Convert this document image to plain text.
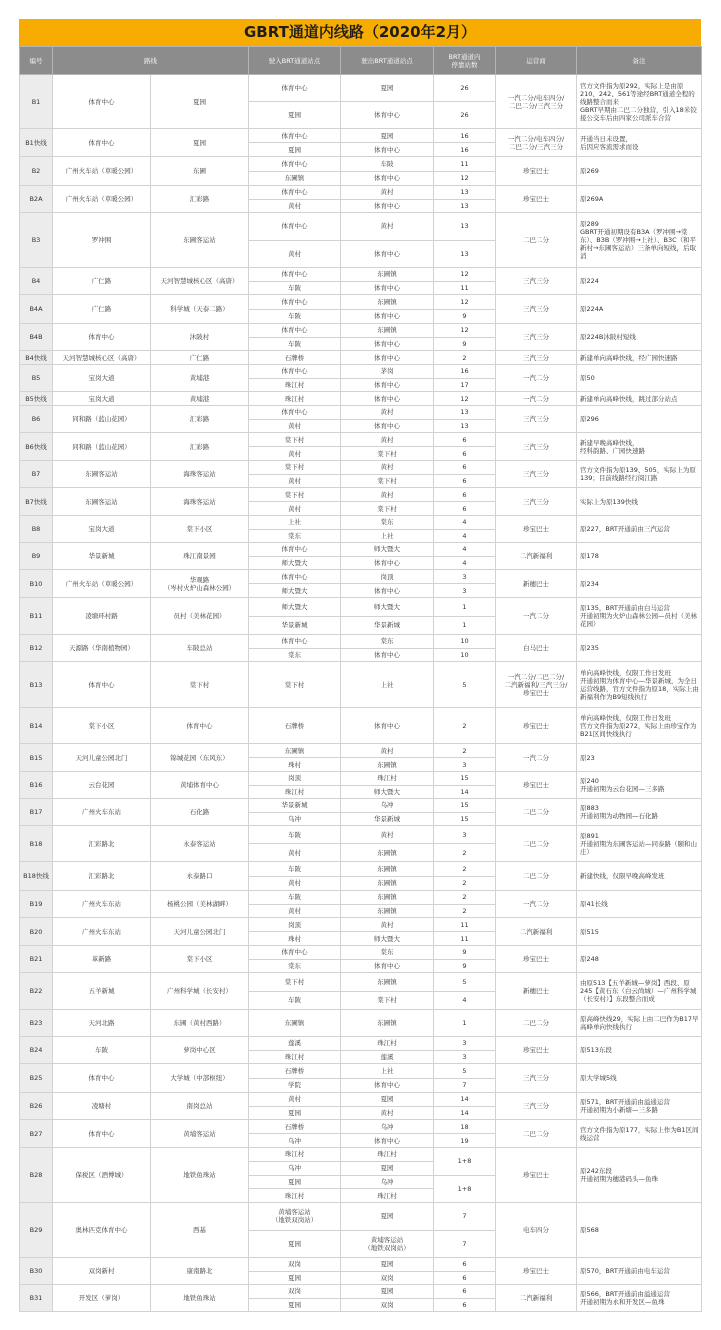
GBRT通道内线路（2020年2月）
编号	路线		驶入BRT通道站点	驶出BRT通道站点	BRT通道内
停靠站数	运营商	备注
B1	体育中心	夏园	体育中心	夏园	26	一汽二分/电车四分/
二巴二分/三汽三分	官方文件指为原292，实际上是由原210、242、561等途经BRT通道全程的线路整合而来
GBRT早期由二巴二分独营，引入18米铰接公交车后由四家公司派车合营
			夏园	体育中心	26		
B1快线	体育中心	夏园	体育中心	夏园	16	一汽二分/电车四分/
二巴二分/三汽三分	开通当日未设置，
后因应客流需求而设
			夏园	体育中心	16		
B2	广州火车站（草暖公园）	东圃	体育中心	车陂	11	珍宝巴士	原269
			东圃镇	体育中心	12		
B2A	广州火车站（草暖公园）	汇彩路	体育中心	黄村	13	珍宝巴士	原269A
			黄村	体育中心	13		
B3	罗冲围	东圃客运站	体育中心	黄村	13	二巴二分	原289
GBRT开通初期设有B3A（罗冲围→棠东）、B3B（罗冲围→上社）、B3C（和平新村→东圃客运站）三条单向短线，后取消
			黄村	体育中心	13		
B4	广仁路	天河智慧城核心区（高唐）	体育中心	东圃镇	12	三汽三分	原224
			车陂	体育中心	11		
B4A	广仁路	科学城（天泰二路）	体育中心	东圃镇	12	三汽三分	原224A
			车陂	体育中心	9		
B4B	体育中心	沐陂村	体育中心	东圃镇	12	三汽三分	原224B沐陂村短线
			车陂	体育中心	9		
B4快线	天河智慧城核心区（高唐）	广仁路	石牌桥	体育中心	2	三汽三分	新建单向高峰快线，经广园快速路
B5	宝岗大道	黄埔港	体育中心	茅岗	16	一汽二分	原50
			珠江村	体育中心	17		
B5快线	宝岗大道	黄埔港	珠江村	体育中心	12	一汽二分	新建单向高峰快线，跳过部分站点
B6	同和路（蓝山花园）	汇彩路	体育中心	黄村	13	三汽三分	原296
			黄村	体育中心	13		
B6快线	同和路（蓝山花园）	汇彩路	棠下村	黄村	6	三汽三分	新建早晚高峰快线，
经科韵路、广园快速路
			黄村	棠下村	6		
B7	东圃客运站	海珠客运站	棠下村	黄村	6	三汽三分	官方文件指为原139、505，实际上为原139；目前线路经行阅江路
			黄村	棠下村	6		
B7快线	东圃客运站	海珠客运站	棠下村	黄村	6	三汽三分	实际上为原139快线
			黄村	棠下村	6		
B8	宝岗大道	棠下小区	上社	棠东	4	珍宝巴士	原227，BRT开通前由三汽运营
			棠东	上社	4		
B9	华景新城	珠江南景园	体育中心	师大暨大	4	二汽新福利	原178
			师大暨大	体育中心	4		
B10	广州火车站（草暖公园）	华观路
（岑村火炉山森林公园）	体育中心	岗顶	3	新穗巴士	原234
			师大暨大	体育中心	3		
B11	凌塘环村路	员村（美林花园）	师大暨大	师大暨大	1	一汽二分	原135，BRT开通前由白马运营
开通初期为火炉山森林公园—员村（美林花园）
			华景新城	华景新城	1		
B12	天源路（华南植物园）	车陂总站	体育中心	棠东	10	白马巴士	原235
			棠东	体育中心	10		
B13	体育中心	棠下村	棠下村	上社	5	一汽二分/二巴二分/
二汽新福利/三汽三分/
珍宝巴士	单向高峰快线，仅限工作日发班
开通初期为体育中心—华景新城，为全日运营线路，官方文件指为原18，实际上由新福利作为B9短线执行
B14	棠下小区	体育中心	石牌桥	体育中心	2	珍宝巴士	单向高峰快线，仅限工作日发班
官方文件指为原272，实际上由珍宝作为B21区间快线执行
B15	天河儿童公园北门	锦城花园（东风东）	东圃镇	黄村	2	一汽二分	原23
			珠村	东圃镇	3		
B16	云台花园	黄埔体育中心	岗顶	珠江村	15	珍宝巴士	原240
开通初期为云台花园—三多路
			珠江村	师大暨大	14		
B17	广州火车东站	石化路	华景新城	乌冲	15	二巴二分	原883
开通初期为动物园—石化路
			乌冲	华景新城	15		
B18	汇彩路北	永泰客运站	车陂	黄村	3	二巴二分	原891
开通初期为东圃客运站—同泰路（颐和山庄）
			黄村	东圃镇	2		
B18快线	汇彩路北	永泰路口	车陂	东圃镇	2	二巴二分	新建快线，仅限早晚高峰发班
			黄村	东圃镇	2		
B19	广州火车东站	杨桃公园（美林湖畔）	车陂	东圃镇	2	一汽二分	原41长线
			黄村	东圃镇	2		
B20	广州火车东站	天河儿童公园北门	岗顶	黄村	11	二汽新福利	原515
			珠村	师大暨大	11		
B21	革新路	棠下小区	体育中心	棠东	9	珍宝巴士	原248
			棠东	体育中心	9		
B22	五羊新城	广州科学城（长安村）	棠下村	东圃镇	5	新穗巴士	由原513【五羊新城—萝岗】西段、原245【黄石东（白云尚城）—广州科学城（长安村）】东段整合而成
			车陂	棠下村	4		
B23	天河北路	东圃（黄村西路）	东圃镇	东圃镇	1	二巴二分	原高峰快线29，实际上由二巴作为B17早高峰单向快线执行
B24	车陂	萝岗中心区	莲溪	珠江村	3	珍宝巴士	原513东段
			珠江村	莲溪	3		
B25	体育中心	大学城（中部枢纽）	石牌桥	上社	5	三汽三分	原大学城5线
			学院	体育中心	7		
B26	凌塘村	南岗总站	黄村	夏园	14	三汽三分	原571，BRT开通前由溢通运营
开通初期为小新塘—三多路
			夏园	黄村	14		
B27	体育中心	黄埔客运站	石牌桥	乌冲	18	二巴二分	官方文件指为原177，实际上作为B1区间线运营
			乌冲	体育中心	19		
B28	保税区（酒博城）	地铁鱼珠站	珠江村	珠江村	1+8	珍宝巴士	原242东段
开通初期为穗港码头—鱼珠
			乌冲	夏园			
			夏园	乌冲	1+8		
			珠江村	珠江村			
B29	奥林匹克体育中心	西基	黄埔客运站
（地铁双岗站）	夏园	7	电车四分	原568
			夏园	黄埔客运站
（地铁双岗站）	7		
B30	双岗新村	康南路北	双岗	夏园	6	珍宝巴士	原570，BRT开通前由电车运营
			夏园	双岗	6		
B31	开发区（萝岗）	地铁鱼珠站	双岗	夏园	6	二汽新福利	原566，BRT开通前由溢通运营
开通初期为永和开发区—鱼珠
			夏园	双岗	6		
